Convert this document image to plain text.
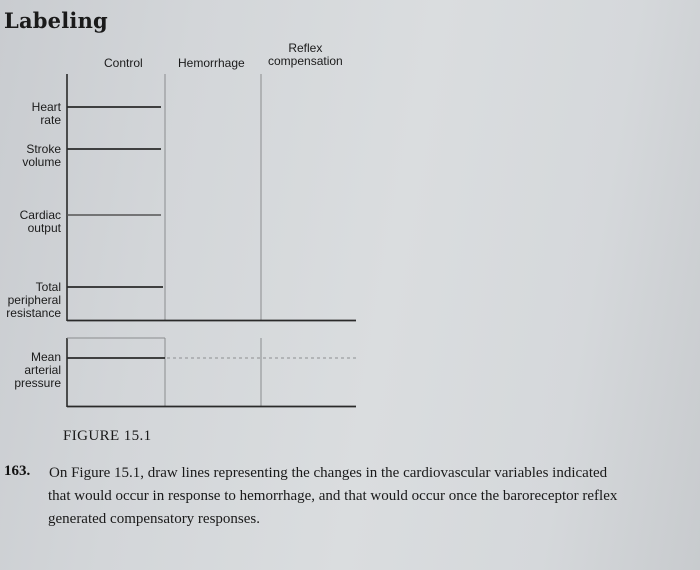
Labeling
Control	Hemorrhage
Reflex
compensation
Heart
rate
Stroke
volume
Cardiac
output
Total
peripheral
resistance
Mean
arterial
pressure
FIGURE 15.1
163. On Figure 15.1, draw lines representing the changes in the cardiovascular variables indicated
that would occur in response to hemorrhage, and that would occur once the baroreceptor reflex
generated compensatory responses.
